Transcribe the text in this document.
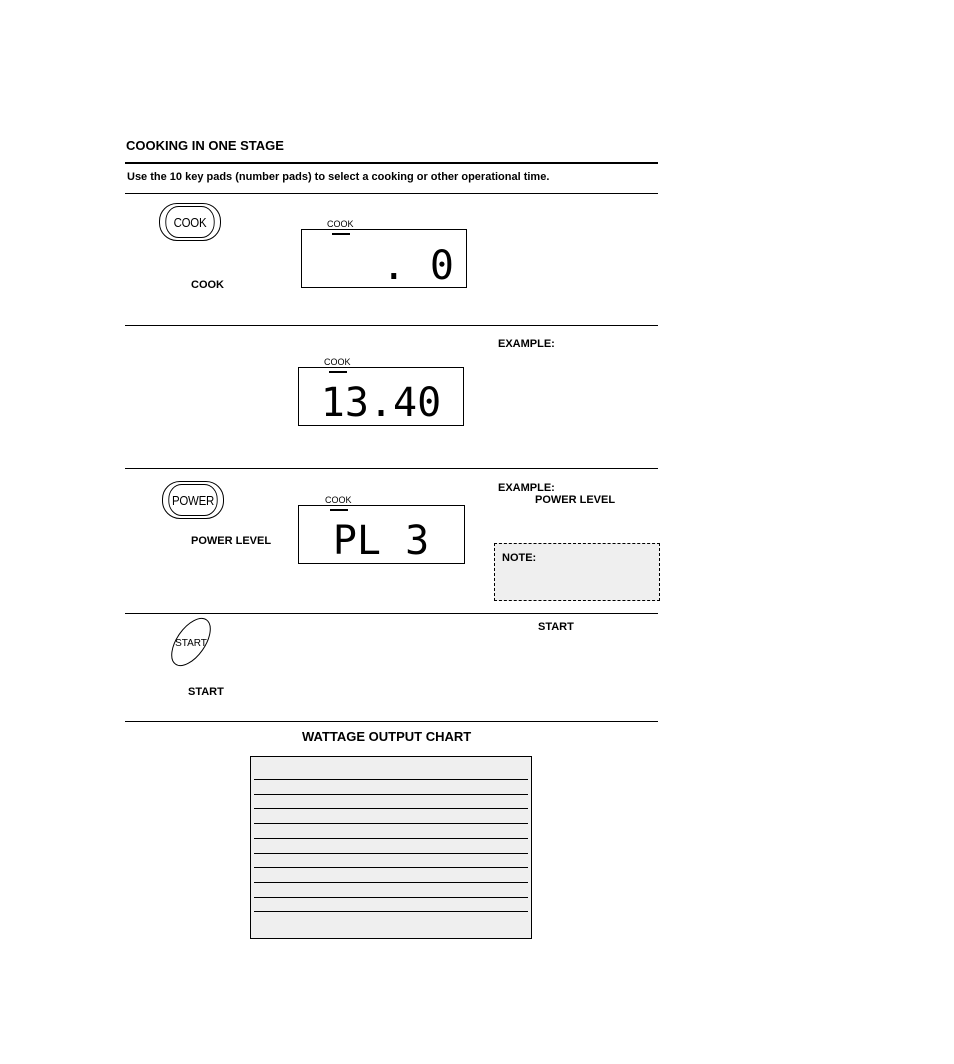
COOKING IN ONE STAGE
Use the 10 key pads (number pads) to select a cooking or other operational time.
COOK
COOK
COOK
. 0
COOK
13.40
EXAMPLE:
POWER
POWER LEVEL
COOK
PL 3
EXAMPLE:
POWER LEVEL
NOTE:
START
START
START
WATTAGE OUTPUT CHART
